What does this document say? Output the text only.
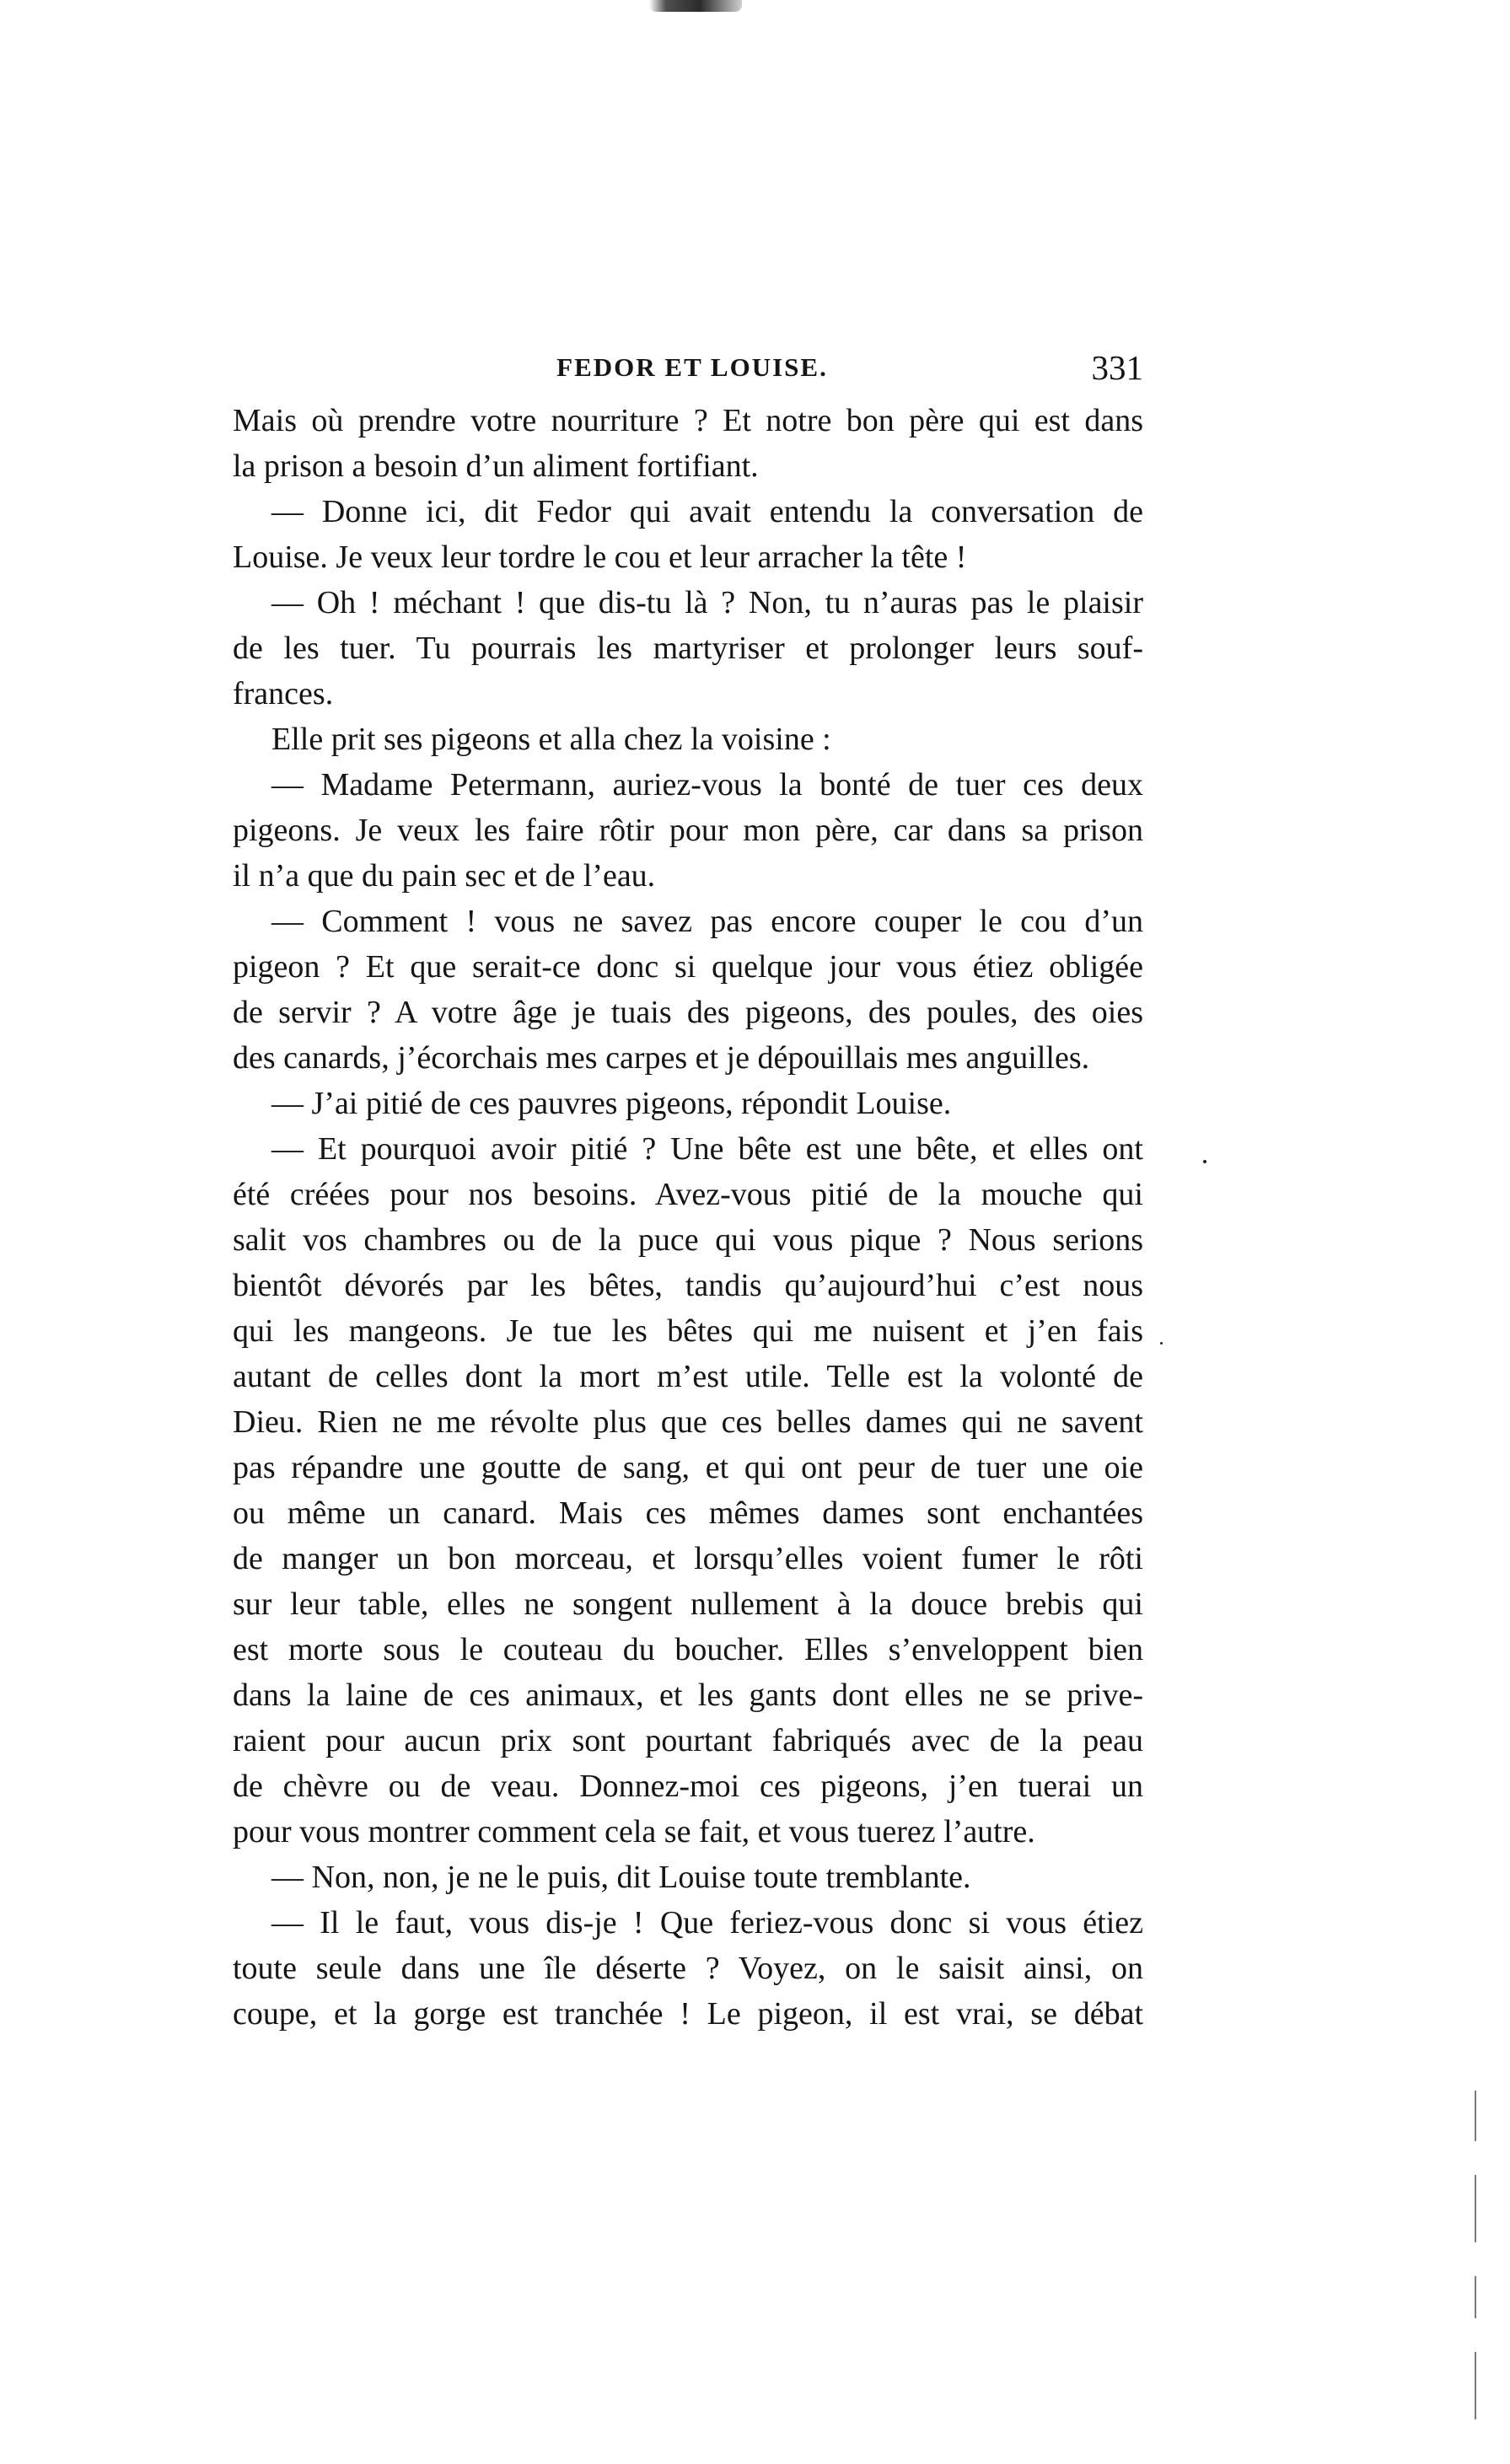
FEDOR ET LOUISE.	331
Mais où prendre votre nourriture ? Et notre bon père qui est dans
la prison a besoin d’un aliment fortifiant.
— Donne ici, dit Fedor qui avait entendu la conversation de
Louise. Je veux leur tordre le cou et leur arracher la tête !
— Oh ! méchant ! que dis-tu là ? Non, tu n’auras pas le plaisir
de les tuer. Tu pourrais les martyriser et prolonger leurs souf-
frances.
Elle prit ses pigeons et alla chez la voisine :
— Madame Petermann, auriez-vous la bonté de tuer ces deux
pigeons. Je veux les faire rôtir pour mon père, car dans sa prison
il n’a que du pain sec et de l’eau.
— Comment ! vous ne savez pas encore couper le cou d’un
pigeon ? Et que serait-ce donc si quelque jour vous étiez obligée
de servir ? A votre âge je tuais des pigeons, des poules, des oies
des canards, j’écorchais mes carpes et je dépouillais mes anguilles.
— J’ai pitié de ces pauvres pigeons, répondit Louise.
— Et pourquoi avoir pitié ? Une bête est une bête, et elles ont
été créées pour nos besoins. Avez-vous pitié de la mouche qui
salit vos chambres ou de la puce qui vous pique ? Nous serions
bientôt dévorés par les bêtes, tandis qu’aujourd’hui c’est nous
qui les mangeons. Je tue les bêtes qui me nuisent et j’en fais
autant de celles dont la mort m’est utile. Telle est la volonté de
Dieu. Rien ne me révolte plus que ces belles dames qui ne savent
pas répandre une goutte de sang, et qui ont peur de tuer une oie
ou même un canard. Mais ces mêmes dames sont enchantées
de manger un bon morceau, et lorsqu’elles voient fumer le rôti
sur leur table, elles ne songent nullement à la douce brebis qui
est morte sous le couteau du boucher. Elles s’enveloppent bien
dans la laine de ces animaux, et les gants dont elles ne se prive-
raient pour aucun prix sont pourtant fabriqués avec de la peau
de chèvre ou de veau. Donnez-moi ces pigeons, j’en tuerai un
pour vous montrer comment cela se fait, et vous tuerez l’autre.
— Non, non, je ne le puis, dit Louise toute tremblante.
— Il le faut, vous dis-je ! Que feriez-vous donc si vous étiez
toute seule dans une île déserte ? Voyez, on le saisit ainsi, on
coupe, et la gorge est tranchée ! Le pigeon, il est vrai, se débat
